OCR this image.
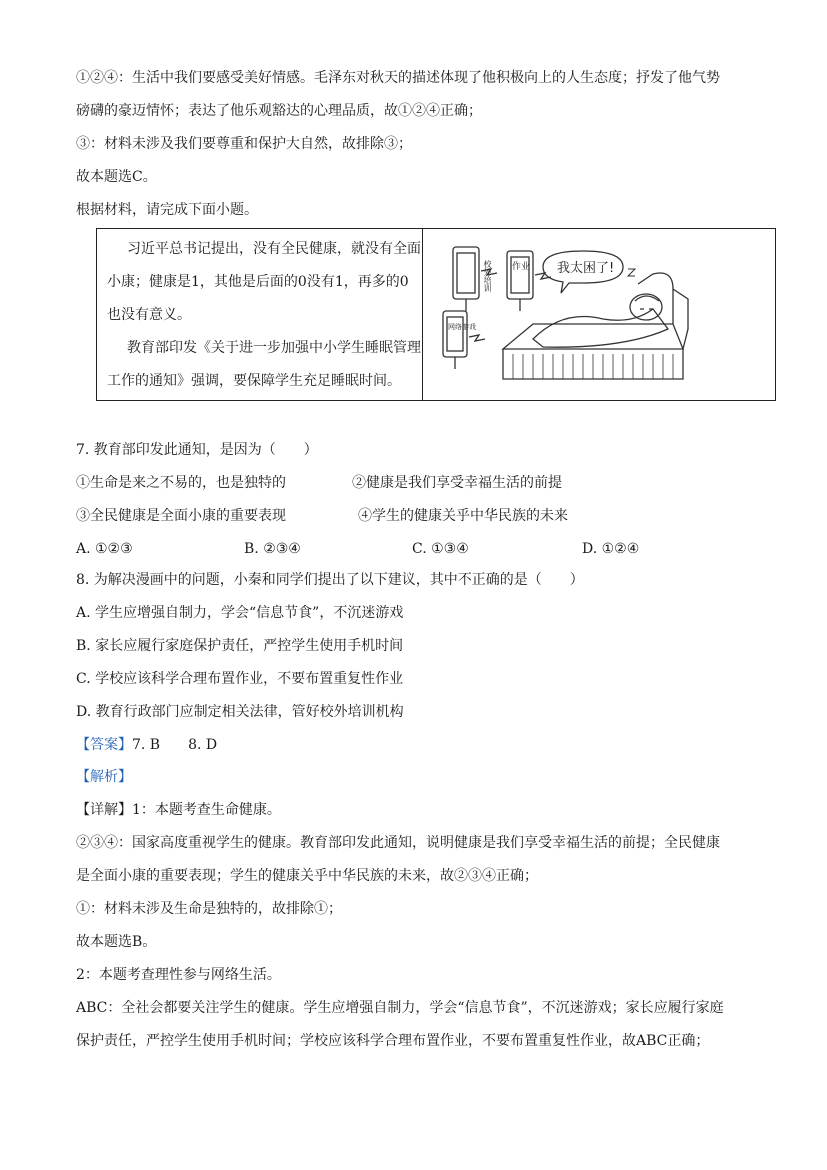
①②④：生活中我们要感受美好情感。毛泽东对秋天的描述体现了他积极向上的人生态度；抒发了他气势
磅礴的豪迈情怀；表达了他乐观豁达的心理品质，故①②④正确；
③：材料未涉及我们要尊重和保护大自然，故排除③；
故本题选C。
根据材料，请完成下面小题。
习近平总书记提出，没有全民健康，就没有全面
小康；健康是1，其他是后面的0没有1，再多的0
也没有意义。
教育部印发《关于进一步加强中小学生睡眠管理
工作的通知》强调，要保障学生充足睡眠时间。
校外培训 作业
网络游戏
我太困了!
7. 教育部印发此通知，是因为（　　）
①生命是来之不易的，也是独特的	②健康是我们享受幸福生活的前提
③全民健康是全面小康的重要表现	④学生的健康关乎中华民族的未来
A. ①②③	B. ②③④	C. ①③④	D. ①②④
8. 为解决漫画中的问题，小秦和同学们提出了以下建议，其中不正确的是（　　）
A. 学生应增强自制力，学会“信息节食”，不沉迷游戏
B. 家长应履行家庭保护责任，严控学生使用手机时间
C. 学校应该科学合理布置作业，不要布置重复性作业
D. 教育行政部门应制定相关法律，管好校外培训机构
【答案】7. B　　8. D
【解析】
【详解】1：本题考查生命健康。
②③④：国家高度重视学生的健康。教育部印发此通知，说明健康是我们享受幸福生活的前提；全民健康
是全面小康的重要表现；学生的健康关乎中华民族的未来，故②③④正确；
①：材料未涉及生命是独特的，故排除①；
故本题选B。
2：本题考查理性参与网络生活。
ABC：全社会都要关注学生的健康。学生应增强自制力，学会“信息节食”，不沉迷游戏；家长应履行家庭
保护责任，严控学生使用手机时间；学校应该科学合理布置作业，不要布置重复性作业，故ABC正确；
